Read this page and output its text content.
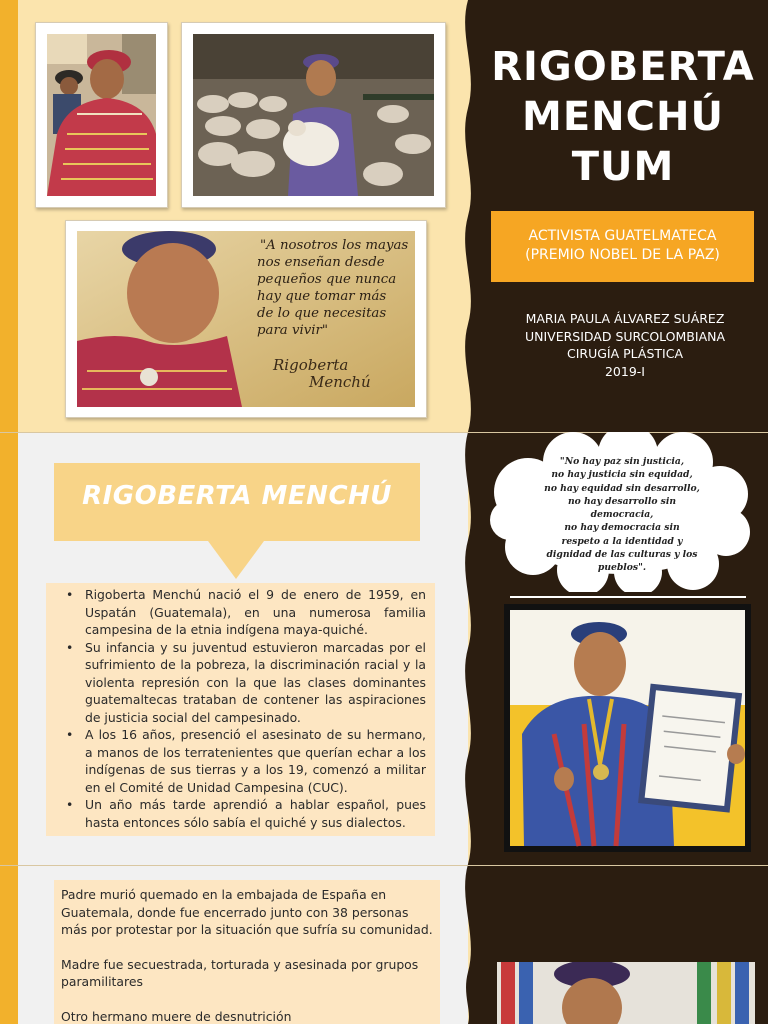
"A nosotros los mayas nos enseñan desde pequeños que nunca hay que tomar más de lo que necesitas para vivir"
Rigoberta Menchú
RIGOBERTA
MENCHÚ
TUM
ACTIVISTA GUATELMATECA
(PREMIO NOBEL DE LA PAZ)
MARIA PAULA ÁLVAREZ SUÁREZ
UNIVERSIDAD SURCOLOMBIANA
CIRUGÍA PLÁSTICA
2019-I
RIGOBERTA MENCHÚ
• Rigoberta Menchú nació el 9 de enero de 1959, en Uspatán (Guatemala), en una numerosa familia campesina de la etnia indígena maya-quiché.
• Su infancia y su juventud estuvieron marcadas por el sufrimiento de la pobreza, la discriminación racial y la violenta represión con la que las clases dominantes guatemaltecas trataban de contener las aspiraciones de justicia social del campesinado.
• A los 16 años, presenció el asesinato de su hermano, a manos de los terratenientes que querían echar a los indígenas de sus tierras y a los 19, comenzó a militar en el Comité de Unidad Campesina (CUC).
• Un año más tarde aprendió a hablar español, pues hasta entonces sólo sabía el quiché y sus dialectos.
"No hay paz sin justicia,
no hay justicia sin equidad,
no hay equidad sin desarrollo,
no hay desarrollo sin
democracia,
no hay democracia sin
respeto a la identidad y
dignidad de las culturas y los
pueblos".

Padre murió quemado en la embajada de España en Guatemala, donde fue encerrado junto con 38 personas más por protestar por la situación que sufría su comunidad.

Madre fue secuestrada, torturada y asesinada por grupos paramilitares

Otro hermano muere de desnutrición
